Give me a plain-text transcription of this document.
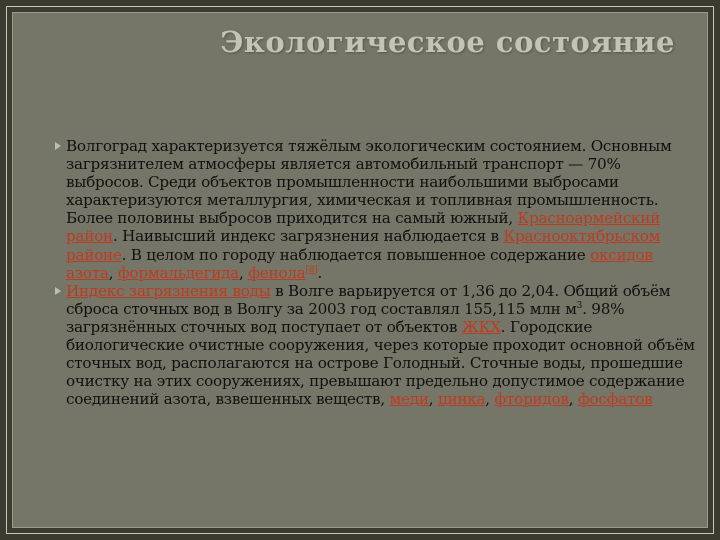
Экологическое состояние

Волгоград характеризуется тяжёлым экологическим состоянием. Основным загрязнителем атмосферы является автомобильный транспорт — 70% выбросов. Среди объектов промышленности наибольшими выбросами характеризуются металлургия, химическая и топливная промышленность. Более половины выбросов приходится на самый южный, Красноармейский район. Наивысший индекс загрязнения наблюдается в Краснооктябрьском районе. В целом по городу наблюдается повышенное содержание оксидов азота, формальдегида, фенола[8].

Индекс загрязнения воды в Волге варьируется от 1,36 до 2,04. Общий объём сброса сточных вод в Волгу за 2003 год составлял 155,115 млн $м^3$. 98% загрязнённых сточных вод поступает от объектов ЖКХ. Городские биологические очистные сооружения, через которые проходит основной объём сточных вод, располагаются на острове Голодный. Сточные воды, прошедшие очистку на этих сооружениях, превышают предельно допустимое содержание соединений азота, взвешенных веществ, меди, цинка, фторидов, фосфатов
